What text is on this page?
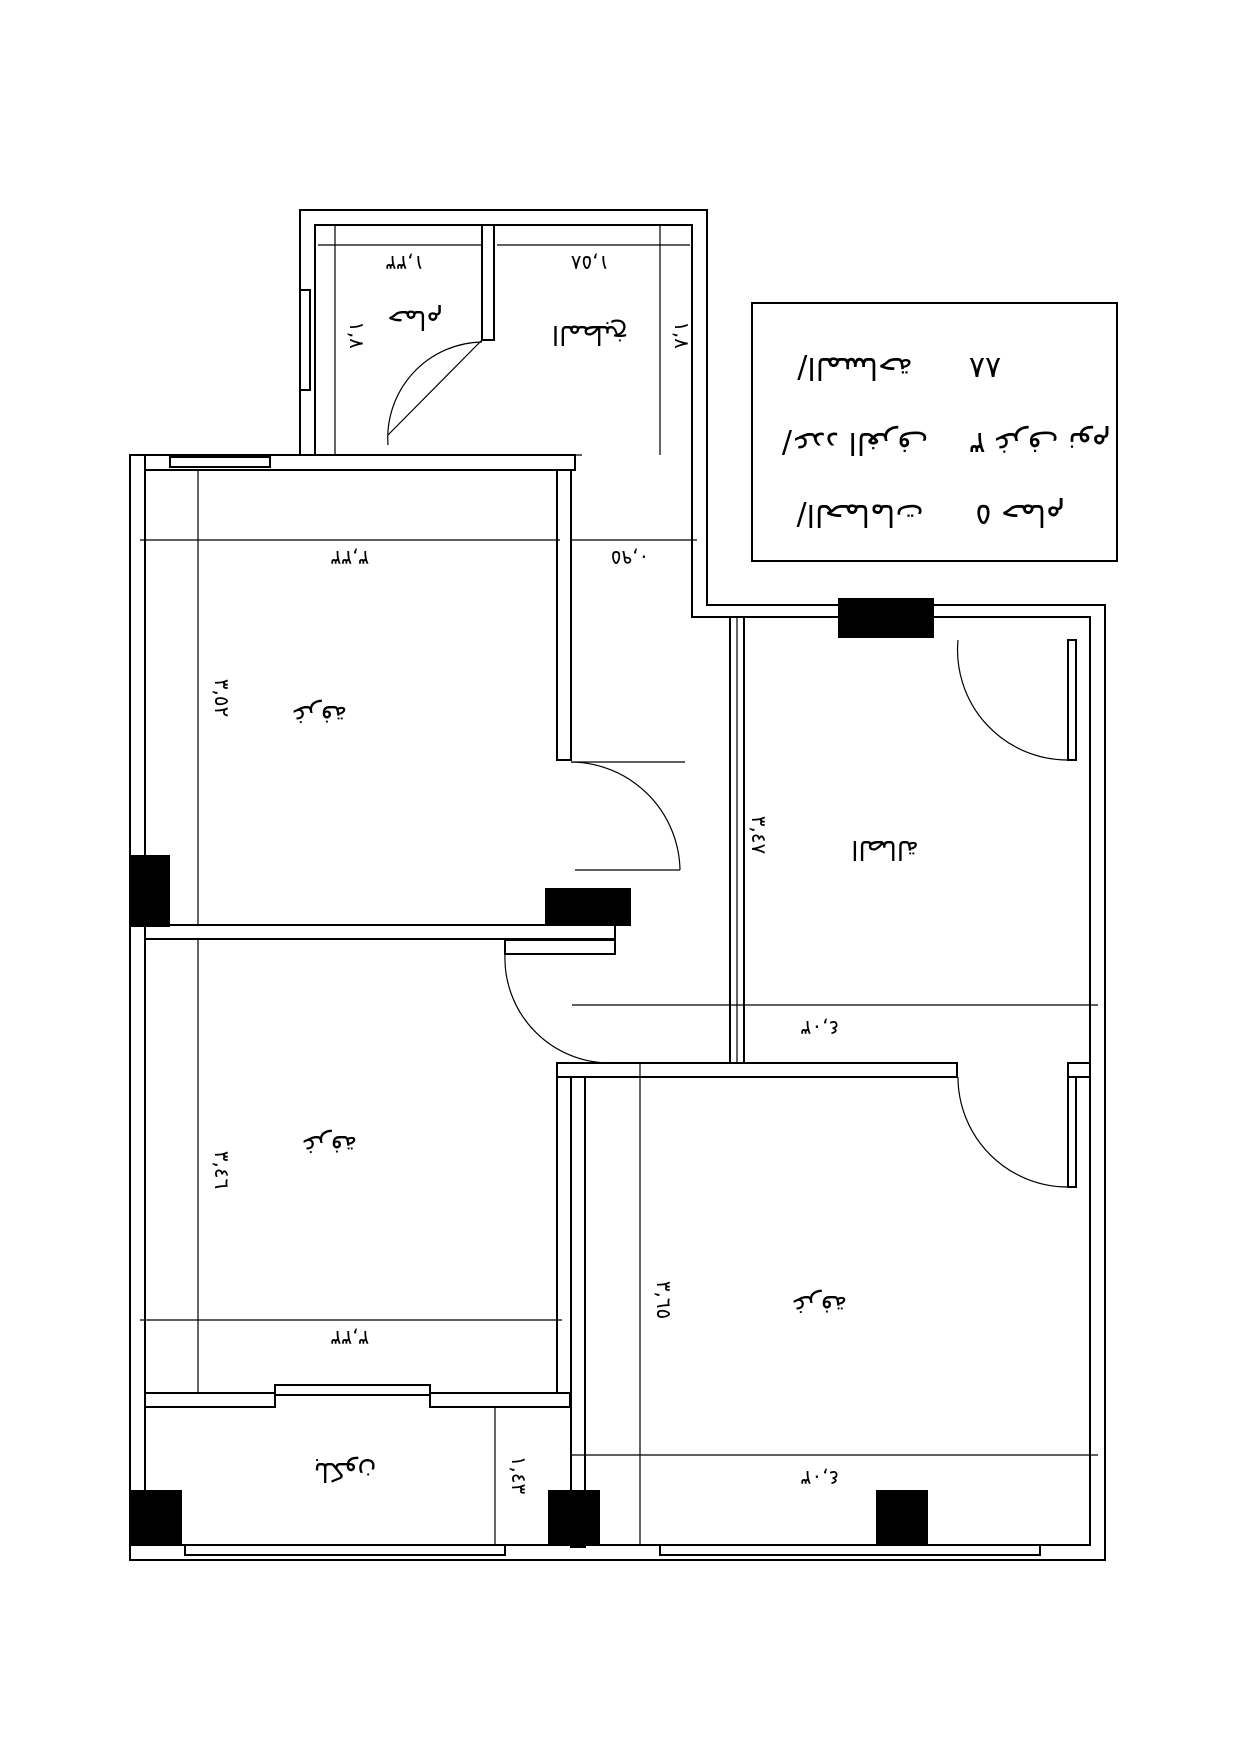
حمام	المطبخ
غرفة
الصالة
غرفة
غرفة
بلكون
١,٣٣	١,٥٨
١,٨	١,٨
٣,٣٣	٠,٩٥
٣,٥٢
٣,٤٧
٤,٠٣
٣,٤٦
٣,٣٣
٣,٦٥
١,٤٣	٤,٠٣
المساحة/	٨٨
عدد الغرف/	٣ غرف نوم
الحمامات/	٥ حمام
